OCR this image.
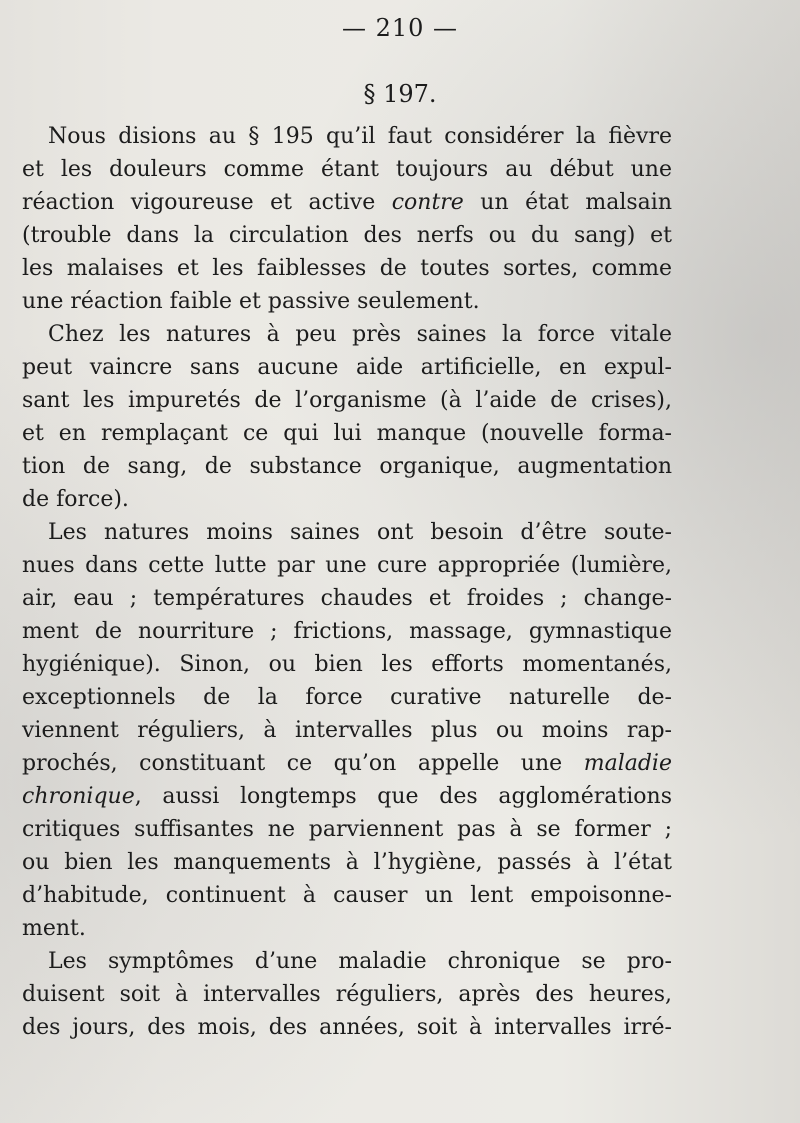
— 210 —
§ 197.
Nous disions au § 195 qu’il faut considérer la fièvre
et les douleurs comme étant toujours au début une
réaction vigoureuse et active contre un état malsain
(trouble dans la circulation des nerfs ou du sang) et
les malaises et les faiblesses de toutes sortes, comme
une réaction faible et passive seulement.
Chez les natures à peu près saines la force vitale
peut vaincre sans aucune aide artificielle, en expul-
sant les impuretés de l’organisme (à l’aide de crises),
et en remplaçant ce qui lui manque (nouvelle forma-
tion de sang, de substance organique, augmentation
de force).
Les natures moins saines ont besoin d’être soute-
nues dans cette lutte par une cure appropriée (lumière,
air, eau ; températures chaudes et froides ; change-
ment de nourriture ; frictions, massage, gymnastique
hygiénique). Sinon, ou bien les efforts momentanés,
exceptionnels de la force curative naturelle de-
viennent réguliers, à intervalles plus ou moins rap-
prochés, constituant ce qu’on appelle une maladie
chronique, aussi longtemps que des agglomérations
critiques suffisantes ne parviennent pas à se former ;
ou bien les manquements à l’hygiène, passés à l’état
d’habitude, continuent à causer un lent empoisonne-
ment.
Les symptômes d’une maladie chronique se pro-
duisent soit à intervalles réguliers, après des heures,
des jours, des mois, des années, soit à intervalles irré-
